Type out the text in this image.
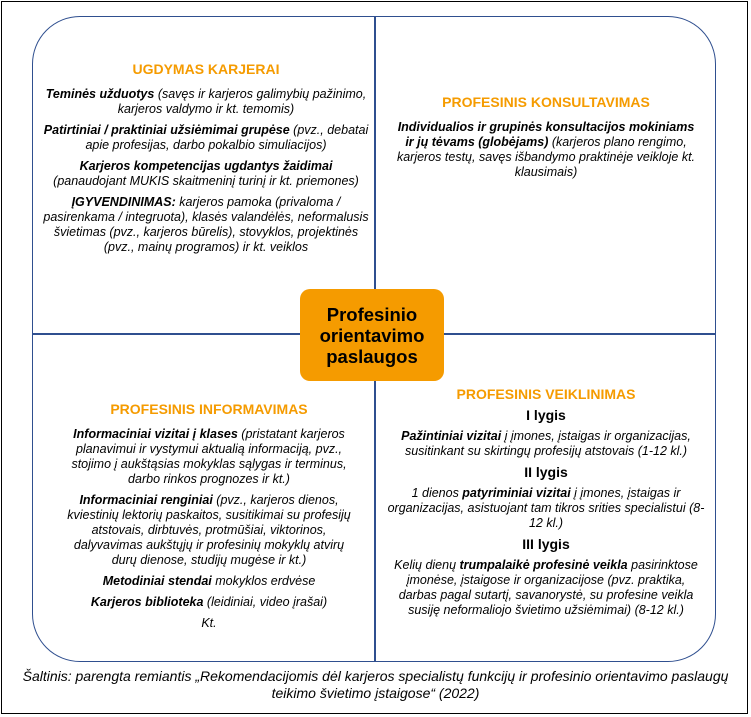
UGDYMAS KARJERAI

Teminės užduotys (savęs ir karjeros galimybių pažinimo, karjeros valdymo ir kt. temomis)

Patirtiniai / praktiniai užsiėmimai grupėse (pvz., debatai apie profesijas, darbo pokalbio simuliacijos)

Karjeros kompetencijas ugdantys žaidimai (panaudojant MUKIS skaitmeninį turinį ir kt. priemones)

ĮGYVENDINIMAS: karjeros pamoka (privaloma / pasirenkama / integruota), klasės valandėlės, neformalusis švietimas (pvz., karjeros būrelis), stovyklos, projektinės (pvz., mainų programos) ir kt. veiklos

PROFESINIS KONSULTAVIMAS

Individualios ir grupinės konsultacijos mokiniams ir jų tėvams (globėjams) (karjeros plano rengimo, karjeros testų, savęs išbandymo praktinėje veikloje kt. klausimais)

PROFESINIS INFORMAVIMAS

Informaciniai vizitai į klases (pristatant karjeros planavimui ir vystymui aktualią informaciją, pvz., stojimo į aukštąsias mokyklas sąlygas ir terminus, darbo rinkos prognozes ir kt.)

Informaciniai renginiai (pvz., karjeros dienos, kviestinių lektorių paskaitos, susitikimai su profesijų atstovais, dirbtuvės, protmūšiai, viktorinos, dalyvavimas aukštųjų ir profesinių mokyklų atvirų durų dienose, studijų mugėse ir kt.)

Metodiniai stendai mokyklos erdvėse

Karjeros biblioteka (leidiniai, video įrašai)

Kt.

PROFESINIS VEIKLINIMAS

I lygis

Pažintiniai vizitai į įmones, įstaigas ir organizacijas, susitinkant su skirtingų profesijų atstovais (1-12 kl.)

II lygis

1 dienos patyriminiai vizitai į įmones, įstaigas ir organizacijas, asistuojant tam tikros srities specialistui (8-12 kl.)

III lygis

Kelių dienų trumpalaikė profesinė veikla pasirinktose įmonėse, įstaigose ir organizacijose (pvz. praktika, darbas pagal sutartį, savanorystė, su profesine veikla susiję neformaliojo švietimo užsiėmimai) (8-12 kl.)

Profesinio
orientavimo
paslaugos
Šaltinis: parengta remiantis „Rekomendacijomis dėl karjeros specialistų funkcijų ir profesinio orientavimo paslaugų teikimo švietimo įstaigose“ (2022)
